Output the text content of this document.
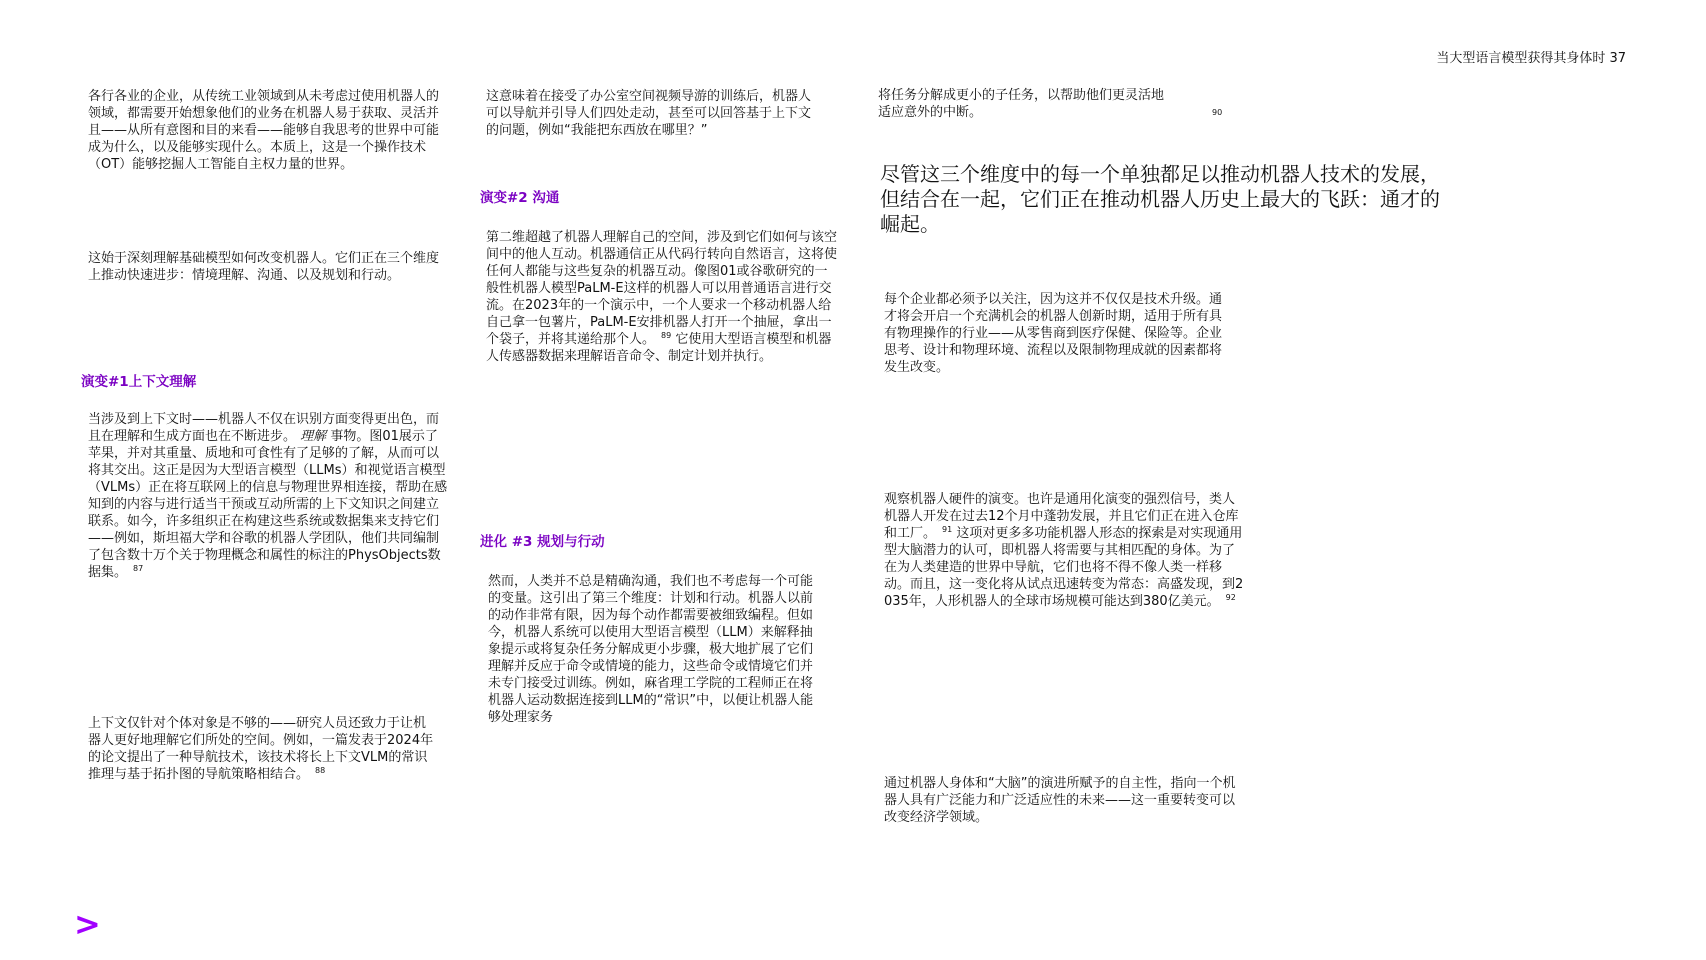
当大型语言模型获得其身体时 37

各行各业的企业，从传统工业领域到从未考虑过使用机器人的领域，都需要开始想象他们的业务在机器人易于获取、灵活并且——从所有意图和目的来看——能够自我思考的世界中可能成为什么，以及能够实现什么。本质上，这是一个操作技术（OT）能够挖掘人工智能自主权力量的世界。

这始于深刻理解基础模型如何改变机器人。它们正在三个维度上推动快速进步：情境理解、沟通、以及规划和行动。

演变#1上下文理解

当涉及到上下文时——机器人不仅在识别方面变得更出色，而且在理解和生成方面也在不断进步。 理解 事物。图01展示了苹果，并对其重量、质地和可食性有了足够的了解，从而可以将其交出。这正是因为大型语言模型（LLMs）和视觉语言模型（VLMs）正在将互联网上的信息与物理世界相连接，帮助在感知到的内容与进行适当干预或互动所需的上下文知识之间建立联系。如今，许多组织正在构建这些系统或数据集来支持它们——例如，斯坦福大学和谷歌的机器人学团队，他们共同编制了包含数十万个关于物理概念和属性的标注的PhysObjects数据集。 $^{87}$

上下文仅针对个体对象是不够的——研究人员还致力于让机器人更好地理解它们所处的空间。例如，一篇发表于2024年的论文提出了一种导航技术，该技术将长上下文VLM的常识推理与基于拓扑图的导航策略相结合。 $^{88}$

这意味着在接受了办公室空间视频导游的训练后，机器人可以导航并引导人们四处走动，甚至可以回答基于上下文的问题，例如“我能把东西放在哪里？”

演变#2 沟通

第二维超越了机器人理解自己的空间，涉及到它们如何与该空间中的他人互动。机器通信正从代码行转向自然语言，这将使任何人都能与这些复杂的机器互动。像图01或谷歌研究的一般性机器人模型PaLM-E这样的机器人可以用普通语言进行交流。在2023年的一个演示中，一个人要求一个移动机器人给自己拿一包薯片，PaLM-E安排机器人打开一个抽屉，拿出一个袋子，并将其递给那个人。 $^{89}$ 它使用大型语言模型和机器人传感器数据来理解语音命令、制定计划并执行。

进化 #3 规划与行动

然而，人类并不总是精确沟通，我们也不考虑每一个可能的变量。这引出了第三个维度：计划和行动。机器人以前的动作非常有限，因为每个动作都需要被细致编程。但如今，机器人系统可以使用大型语言模型（LLM）来解释抽象提示或将复杂任务分解成更小步骤，极大地扩展了它们理解并反应于命令或情境的能力，这些命令或情境它们并未专门接受过训练。例如，麻省理工学院的工程师正在将机器人运动数据连接到LLM的“常识”中，以便让机器人能够处理家务

将任务分解成更小的子任务，以帮助他们更灵活地适应意外的中断。	90

尽管这三个维度中的每一个单独都足以推动机器人技术的发展，但结合在一起，它们正在推动机器人历史上最大的飞跃：通才的崛起。

每个企业都必须予以关注，因为这并不仅仅是技术升级。通才将会开启一个充满机会的机器人创新时期，适用于所有具有物理操作的行业——从零售商到医疗保健、保险等。企业思考、设计和物理环境、流程以及限制物理成就的因素都将发生改变。

观察机器人硬件的演变。也许是通用化演变的强烈信号，类人机器人开发在过去12个月中蓬勃发展，并且它们正在进入仓库和工厂。 $^{91}$ 这项对更多多功能机器人形态的探索是对实现通用型大脑潜力的认可，即机器人将需要与其相匹配的身体。为了在为人类建造的世界中导航，它们也将不得不像人类一样移动。而且，这一变化将从试点迅速转变为常态：高盛发现，到2035年，人形机器人的全球市场规模可能达到380亿美元。 $^{92}$

通过机器人身体和“大脑”的演进所赋予的自主性，指向一个机器人具有广泛能力和广泛适应性的未来——这一重要转变可以改变经济学领域。

>
